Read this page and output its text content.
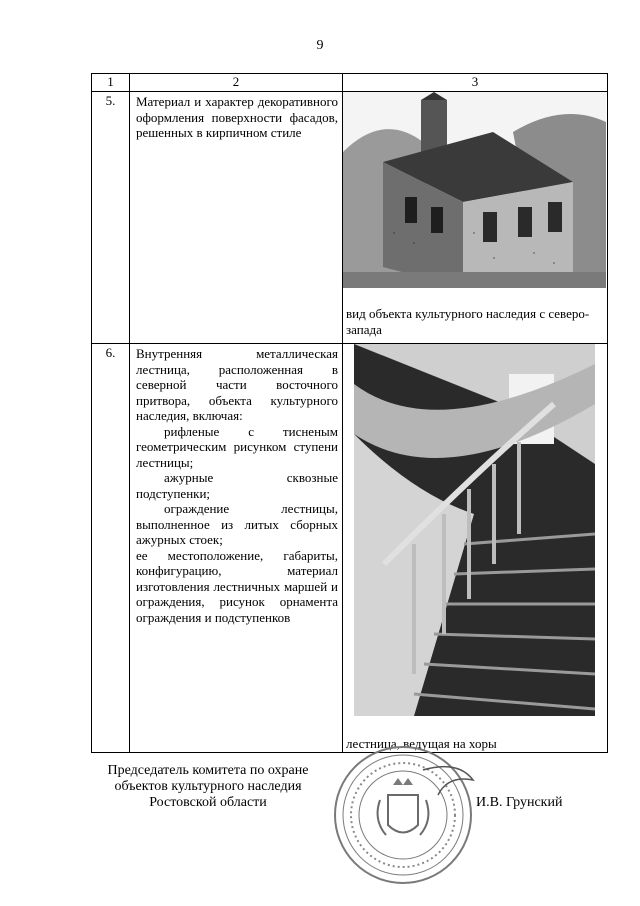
9
1	2	3
5.	Материал и характер декоративного оформления поверхности фасадов, решенных в кирпичном стиле	вид объекта культурного наследия с северо-запада

6.	Внутренняя металлическая лестница, расположенная в северной части восточного притвора, объекта культурного наследия, включая:

рифленые с тисненым геометрическим рисунком ступени лестницы;

ажурные сквозные подступенки;

ограждение лестницы, выполненное из литых сборных ажурных стоек;

ее местоположение, габариты, конфигурацию, материал изготовления лестничных маршей и ограждения, рисунок орнамента ограждения и подступенков	лестница, ведущая на хоры
Председатель комитета по охране объектов культурного наследия Ростовской области	И.В. Грунский
